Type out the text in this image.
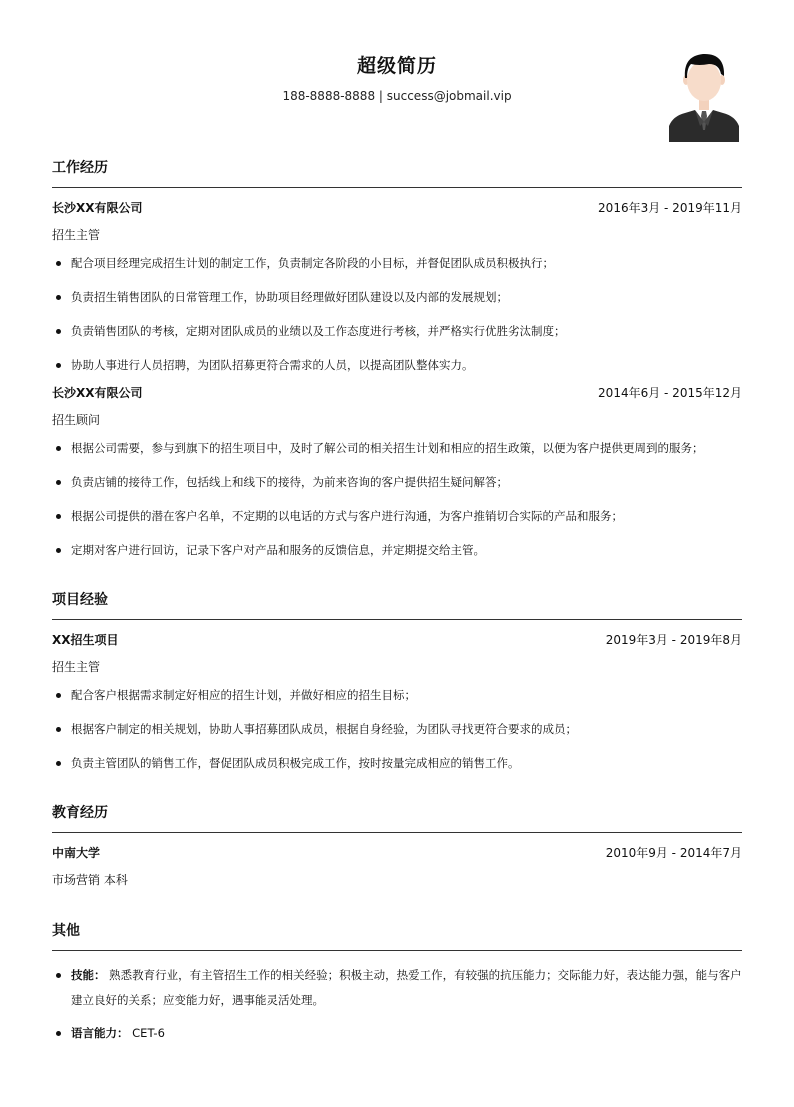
超级简历
188-8888-8888 | success@jobmail.vip
工作经历
长沙XX有限公司	2016年3月 - 2019年11月
招生主管
配合项目经理完成招生计划的制定工作，负责制定各阶段的小目标，并督促团队成员积极执行；
负责招生销售团队的日常管理工作，协助项目经理做好团队建设以及内部的发展规划；
负责销售团队的考核，定期对团队成员的业绩以及工作态度进行考核，并严格实行优胜劣汰制度；
协助人事进行人员招聘，为团队招募更符合需求的人员，以提高团队整体实力。
长沙XX有限公司	2014年6月 - 2015年12月
招生顾问
根据公司需要，参与到旗下的招生项目中，及时了解公司的相关招生计划和相应的招生政策，以便为客户提供更周到的服务；
负责店铺的接待工作，包括线上和线下的接待，为前来咨询的客户提供招生疑问解答；
根据公司提供的潜在客户名单，不定期的以电话的方式与客户进行沟通，为客户推销切合实际的产品和服务；
定期对客户进行回访，记录下客户对产品和服务的反馈信息，并定期提交给主管。
项目经验
XX招生项目	2019年3月 - 2019年8月
招生主管
配合客户根据需求制定好相应的招生计划，并做好相应的招生目标；
根据客户制定的相关规划，协助人事招募团队成员，根据自身经验，为团队寻找更符合要求的成员；
负责主管团队的销售工作，督促团队成员积极完成工作，按时按量完成相应的销售工作。
教育经历
中南大学	2010年9月 - 2014年7月
市场营销 本科
其他
技能： 熟悉教育行业，有主管招生工作的相关经验；积极主动，热爱工作，有较强的抗压能力；交际能力好，表达能力强，能与客户建立良好的关系；应变能力好，遇事能灵活处理。
语言能力： CET-6
